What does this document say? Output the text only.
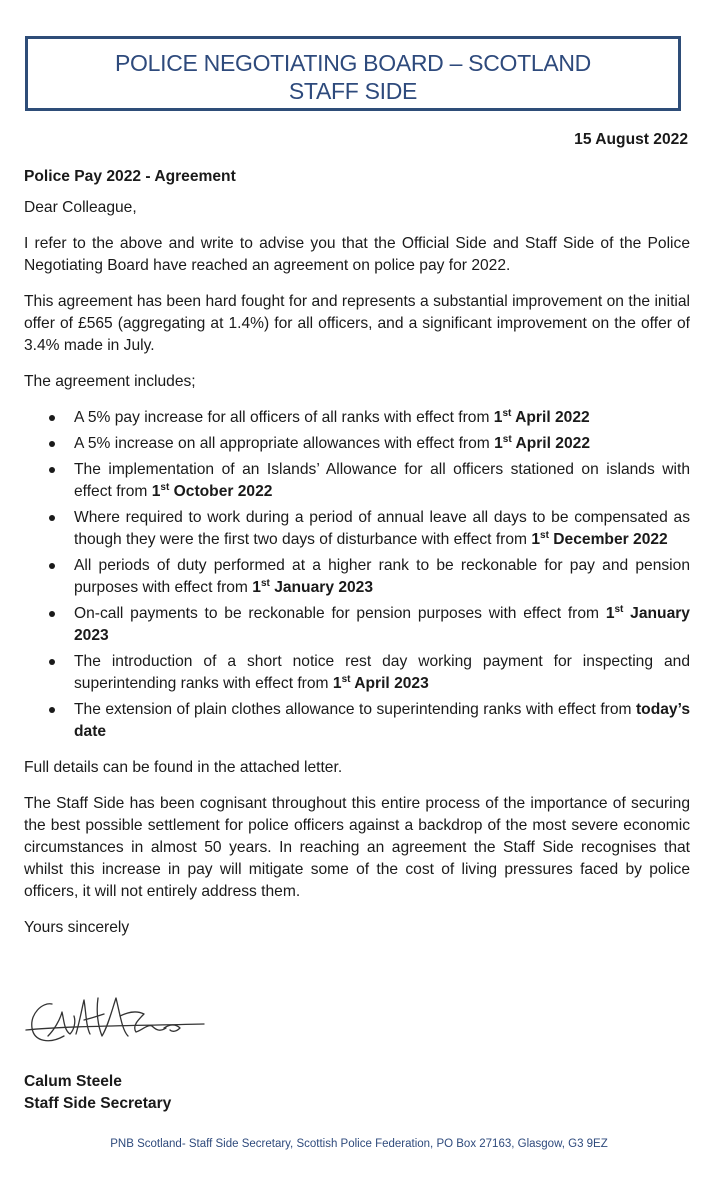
POLICE NEGOTIATING BOARD – SCOTLAND
STAFF SIDE
15 August 2022
Police Pay 2022 - Agreement

Dear Colleague,

I refer to the above and write to advise you that the Official Side and Staff Side of the Police Negotiating Board have reached an agreement on police pay for 2022.

This agreement has been hard fought for and represents a substantial improvement on the initial offer of £565 (aggregating at 1.4%) for all officers, and a significant improvement on the offer of 3.4% made in July.

The agreement includes;

A 5% pay increase for all officers of all ranks with effect from 1st April 2022
A 5% increase on all appropriate allowances with effect from 1st April 2022
The implementation of an Islands’ Allowance for all officers stationed on islands with effect from 1st October 2022
Where required to work during a period of annual leave all days to be compensated as though they were the first two days of disturbance with effect from 1st December 2022
All periods of duty performed at a higher rank to be reckonable for pay and pension purposes with effect from 1st January 2023
On-call payments to be reckonable for pension purposes with effect from 1st January 2023
The introduction of a short notice rest day working payment for inspecting and superintending ranks with effect from 1st April 2023
The extension of plain clothes allowance to superintending ranks with effect from today’s date

Full details can be found in the attached letter.

The Staff Side has been cognisant throughout this entire process of the importance of securing the best possible settlement for police officers against a backdrop of the most severe economic circumstances in almost 50 years. In reaching an agreement the Staff Side recognises that whilst this increase in pay will mitigate some of the cost of living pressures faced by police officers, it will not entirely address them.

Yours sincerely

Calum Steele
Staff Side Secretary
PNB Scotland- Staff Side Secretary, Scottish Police Federation, PO Box 27163, Glasgow, G3 9EZ
